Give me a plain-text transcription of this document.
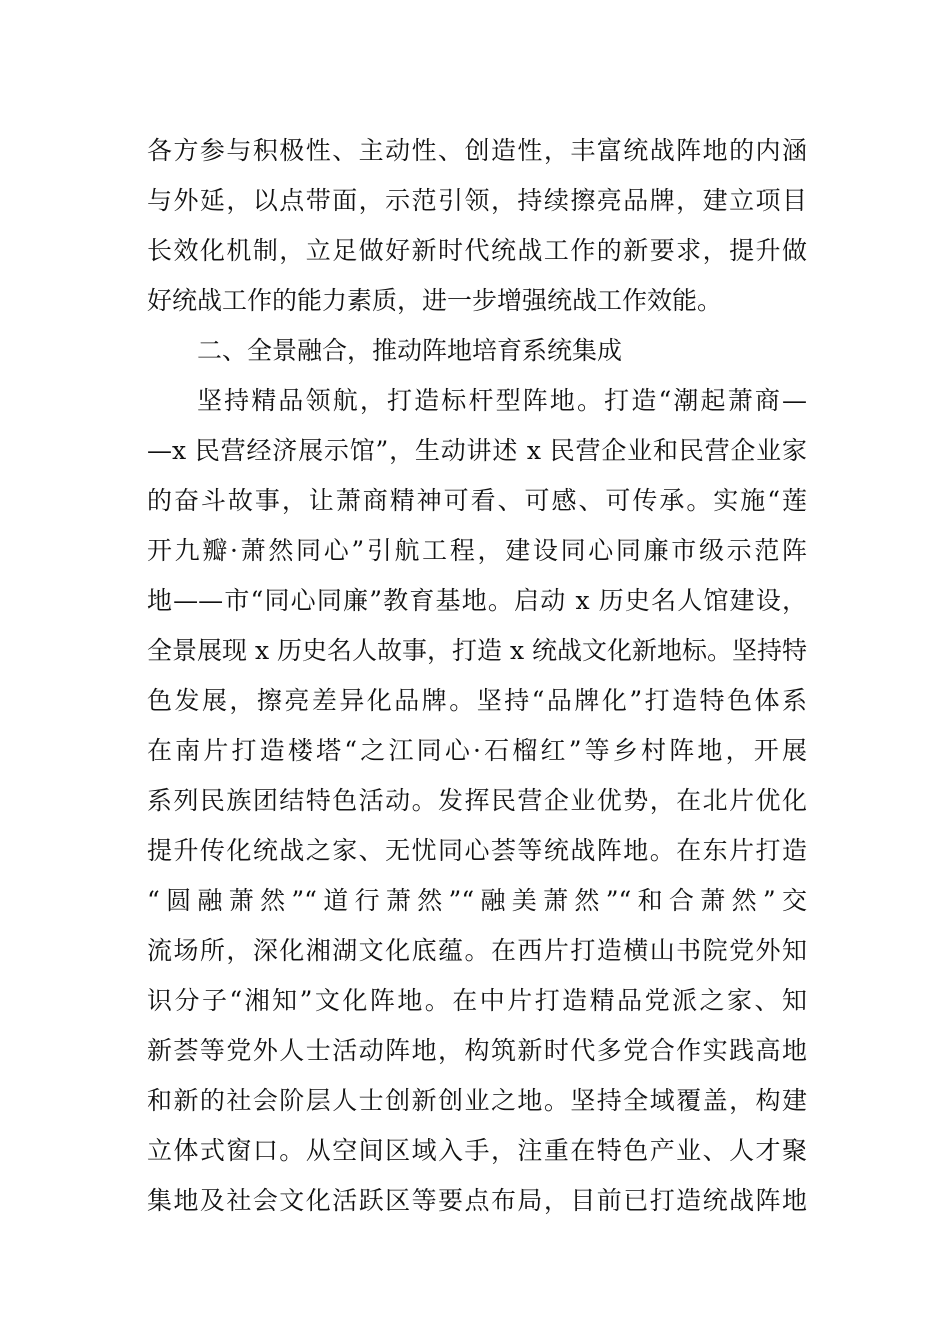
各方参与积极性、主动性、创造性，丰富统战阵地的内涵
与外延，以点带面，示范引领，持续擦亮品牌，建立项目
长效化机制，立足做好新时代统战工作的新要求，提升做
好统战工作的能力素质，进一步增强统战工作效能。
二、全景融合，推动阵地培育系统集成
坚持精品领航，打造标杆型阵地。打造“潮起萧商—
—x 民营经济展示馆”，生动讲述 x 民营企业和民营企业家
的奋斗故事，让萧商精神可看、可感、可传承。实施“莲
开九瓣·萧然同心”引航工程，建设同心同廉市级示范阵
地——市“同心同廉”教育基地。启动 x 历史名人馆建设，
全景展现 x 历史名人故事，打造 x 统战文化新地标。坚持特
色发展，擦亮差异化品牌。坚持“品牌化”打造特色体系
在南片打造楼塔“之江同心·石榴红”等乡村阵地，开展
系列民族团结特色活动。发挥民营企业优势，在北片优化
提升传化统战之家、无忧同心荟等统战阵地。在东片打造
“圆融萧然”“道行萧然”“融美萧然”“和合萧然”交
流场所，深化湘湖文化底蕴。在西片打造横山书院党外知
识分子“湘知”文化阵地。在中片打造精品党派之家、知
新荟等党外人士活动阵地，构筑新时代多党合作实践高地
和新的社会阶层人士创新创业之地。坚持全域覆盖，构建
立体式窗口。从空间区域入手，注重在特色产业、人才聚
集地及社会文化活跃区等要点布局，目前已打造统战阵地
